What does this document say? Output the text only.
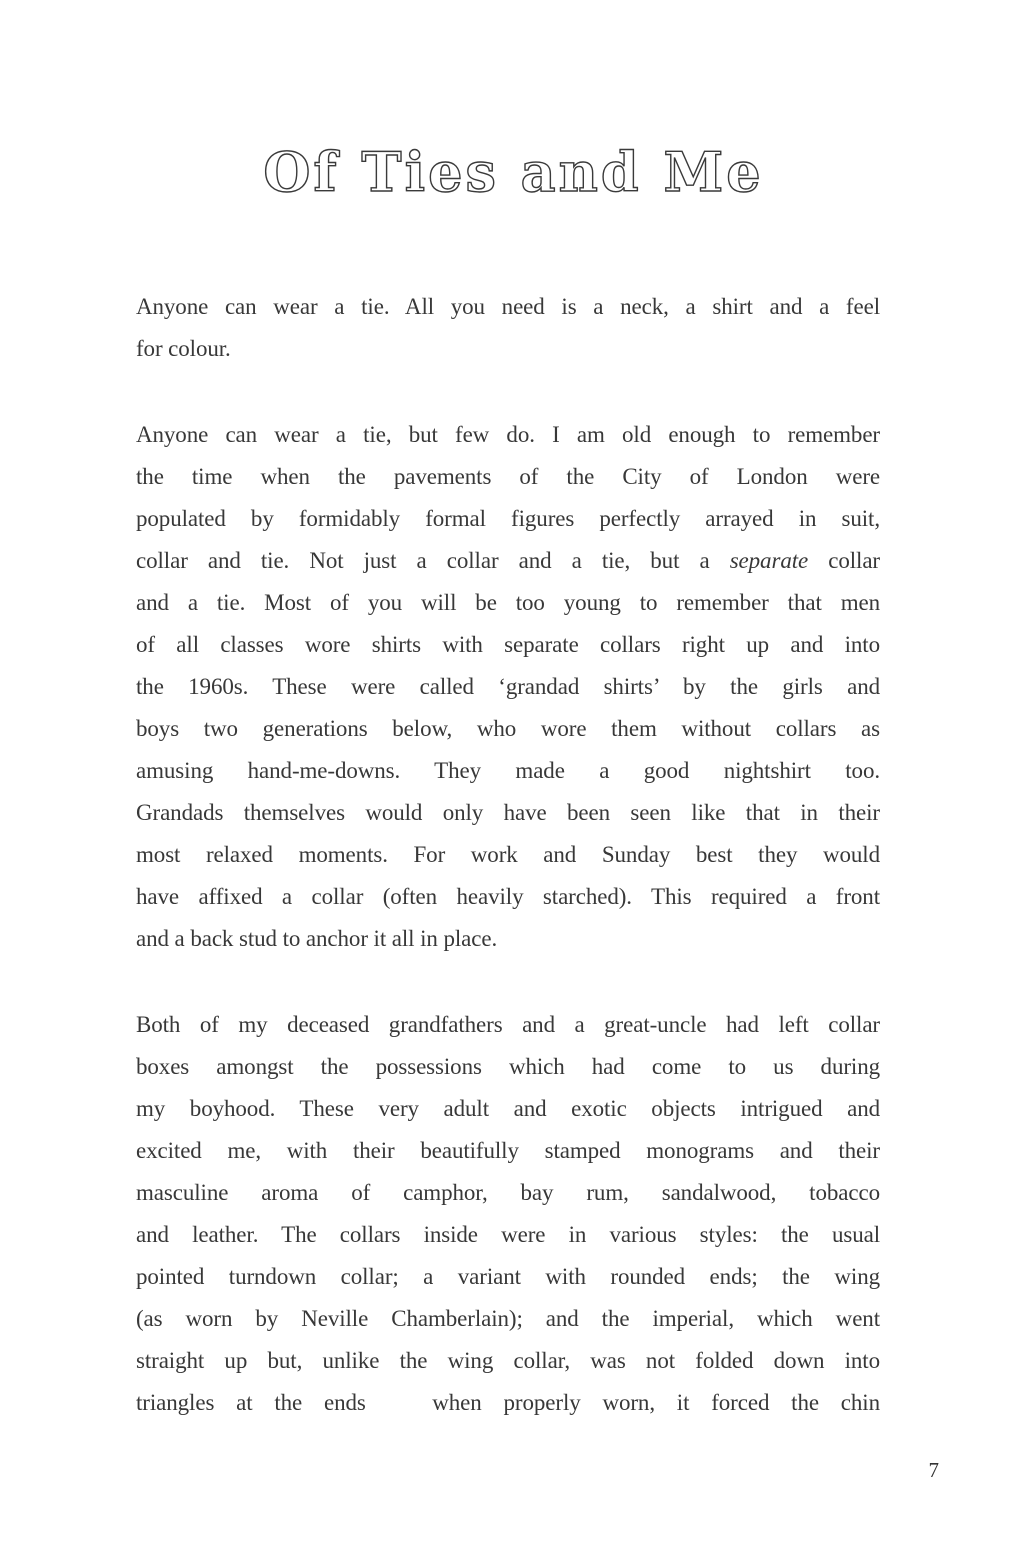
Of Ties and Me
Anyone can wear a tie. All you need is a neck, a shirt and a feel
for colour.
Anyone can wear a tie, but few do. I am old enough to remember
the time when the pavements of the City of London were
populated by formidably formal figures perfectly arrayed in suit,
collar and tie. Not just a collar and a tie, but a separate collar
and a tie. Most of you will be too young to remember that men
of all classes wore shirts with separate collars right up and into
the 1960s. These were called ‘grandad shirts’ by the girls and
boys two generations below, who wore them without collars as
amusing hand-me-downs. They made a good nightshirt too.
Grandads themselves would only have been seen like that in their
most relaxed moments. For work and Sunday best they would
have affixed a collar (often heavily starched). This required a front
and a back stud to anchor it all in place.
Both of my deceased grandfathers and a great-uncle had left collar
boxes amongst the possessions which had come to us during
my boyhood. These very adult and exotic objects intrigued and
excited me, with their beautifully stamped monograms and their
masculine aroma of camphor, bay rum, sandalwood, tobacco
and leather. The collars inside were in various styles: the usual
pointed turndown collar; a variant with rounded ends; the wing
(as worn by Neville Chamberlain); and the imperial, which went
straight up but, unlike the wing collar, was not folded down into
triangles at the ends   when properly worn, it forced the chin
7
